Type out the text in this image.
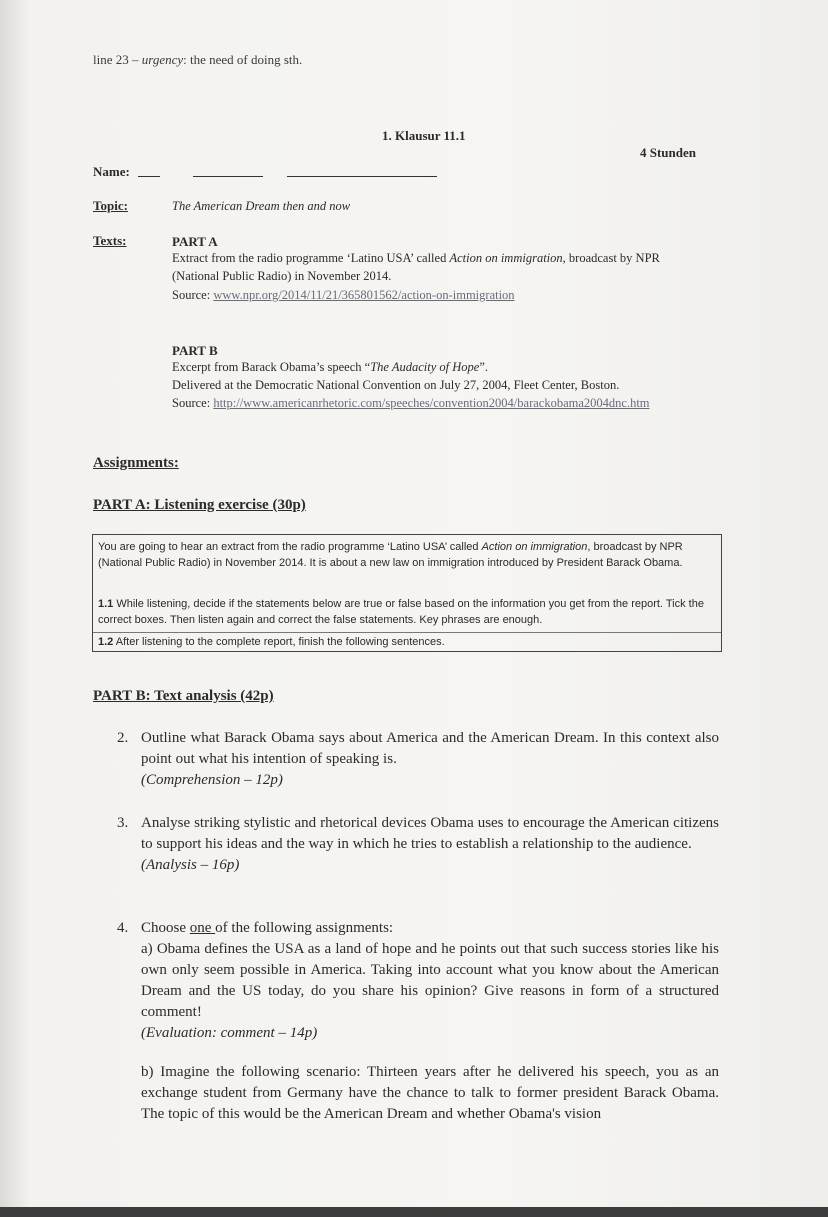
line 23 – urgency: the need of doing sth.
1. Klausur 11.1
4 Stunden
Name:
Topic:	The American Dream then and now
Texts:	PART A
Extract from the radio programme ‘Latino USA’ called Action on immigration, broadcast by NPR
(National Public Radio) in November 2014.
Source: www.npr.org/2014/11/21/365801562/action-on-immigration
PART B
Excerpt from Barack Obama’s speech “The Audacity of Hope”.
Delivered at the Democratic National Convention on July 27, 2004, Fleet Center, Boston.
Source: http://www.americanrhetoric.com/speeches/convention2004/barackobama2004dnc.htm
Assignments:
PART A: Listening exercise (30p)
You are going to hear an extract from the radio programme ‘Latino USA’ called Action on immigration, broadcast by NPR (National Public Radio) in November 2014. It is about a new law on immigration introduced by President Barack Obama.
1.1 While listening, decide if the statements below are true or false based on the information you get from the report. Tick the correct boxes. Then listen again and correct the false statements. Key phrases are enough.
1.2 After listening to the complete report, finish the following sentences.
PART B: Text analysis (42p)
2. Outline what Barack Obama says about America and the American Dream. In this context also point out what his intention of speaking is.
(Comprehension – 12p)
3. Analyse striking stylistic and rhetorical devices Obama uses to encourage the American citizens to support his ideas and the way in which he tries to establish a relationship to the audience.
(Analysis – 16p)
4. Choose one of the following assignments:
a) Obama defines the USA as a land of hope and he points out that such success stories like his own only seem possible in America. Taking into account what you know about the American Dream and the US today, do you share his opinion? Give reasons in form of a structured comment!
(Evaluation: comment – 14p)
b) Imagine the following scenario: Thirteen years after he delivered his speech, you as an exchange student from Germany have the chance to talk to former president Barack Obama. The topic of this would be the American Dream and whether Obama's vision
